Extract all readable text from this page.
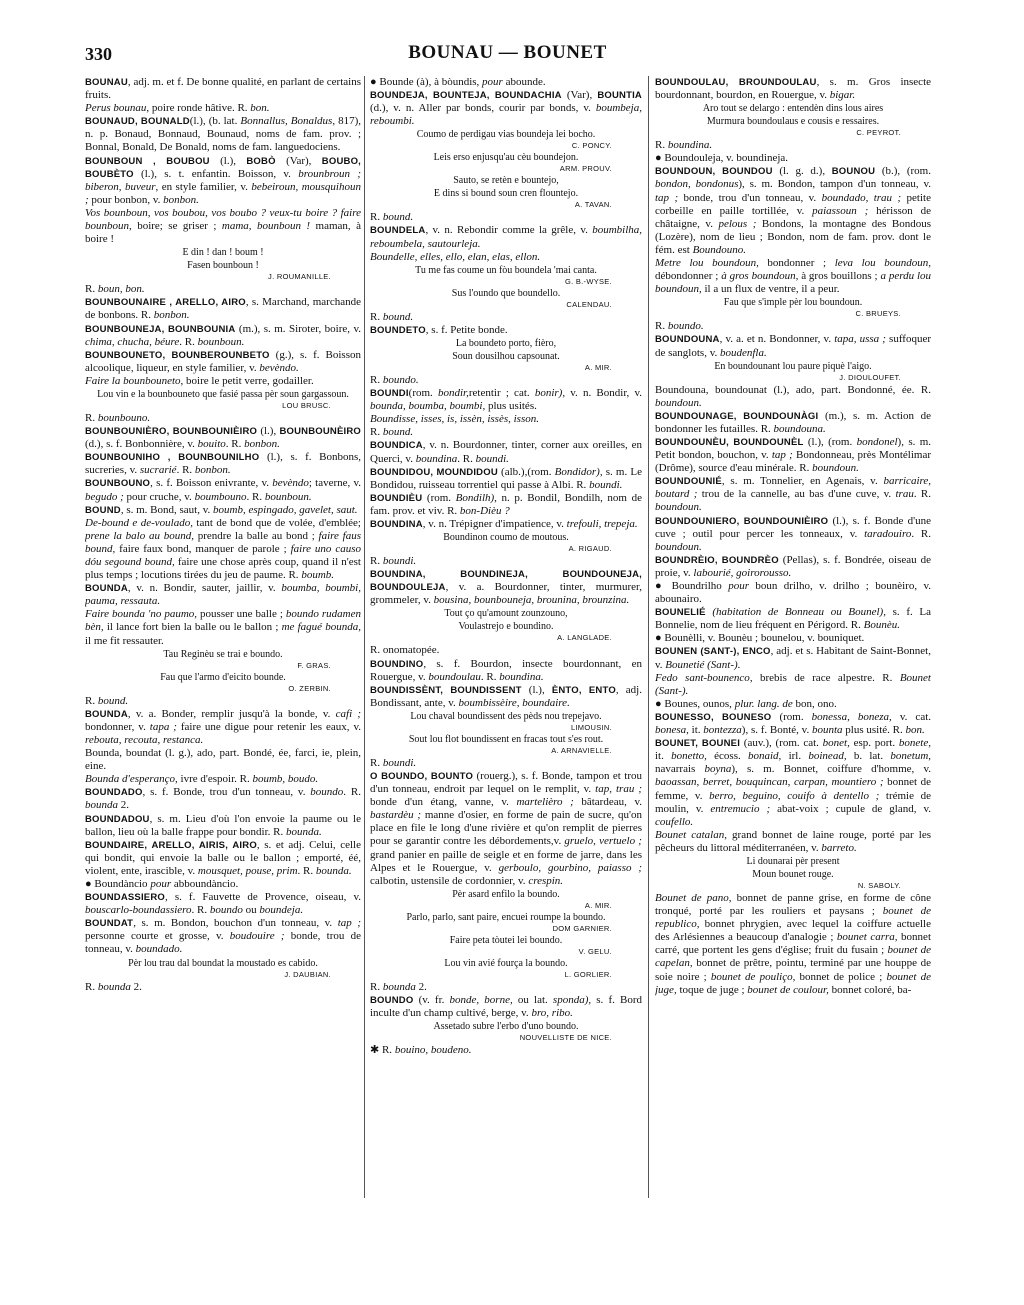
330	BOUNAU — BOUNET
BOUNAU, adj. m. et f. De bonne qualité, en parlant de certains fruits.
Perus bounau, poire ronde hâtive. R. bon.
BOUNAUD, BOUNALD(l.), (b. lat. Bonnallus, Bonaldus, 817), n. p. Bonaud, Bonnaud, Bounaud, noms de fam. prov. ; Bonnal, Bonald, De Bonald, noms de fam. languedociens.
BOUNBOUN , BOUBOU (l.), BOBÒ (Var), BOUBO, BOUBÈTO (l.), s. t. enfantin. Boisson, v. brounbroun ; biberon, buveur, en style familier, v. bebeiroun, mousquihoun ; pour bonbon, v. bonbon.
Vos bounboun, vos boubou, vos boubo ? veux-tu boire ? faire bounboun, boire; se griser ; mama, bounboun ! maman, à boire !
E din ! dan ! boum !
Fasen bounboun !
J. ROUMANILLE.
R. boun, bon.
BOUNBOUNAIRE , ARELLO, AIRO, s. Marchand, marchande de bonbons. R. bonbon.
BOUNBOUNEJA, BOUNBOUNIA (m.), s. m. Siroter, boire, v. chima, chucha, béure. R. bounboun.
BOUNBOUNETO, BOUNBEROUNBETO (g.), s. f. Boisson alcoolique, liqueur, en style familier, v. bevèndo.
Faire la bounbouneto, boire le petit verre, godailler.
Lou vin e la bounbouneto que fasié passa pèr soun gargassoun.
LOU BRUSC.
R. bounbouno.
BOUNBOUNIÈRO, BOUNBOUNIÈIRO (l.), BOUNBOUNÈIRO (d.), s. f. Bonbonnière, v. bouito. R. bonbon.
BOUNBOUNIHO , BOUNBOUNILHO (l.), s. f. Bonbons, sucreries, v. sucrarié. R. bonbon.
BOUNBOUNO, s. f. Boisson enivrante, v. bevèndo; taverne, v. begudo ; pour cruche, v. boumbouno. R. bounboun.
BOUND, s. m. Bond, saut, v. boumb, espingado, gavelet, saut.
De-bound e de-voulado, tant de bond que de volée, d'emblée; prene la balo au bound, prendre la balle au bond ; faire faus bound, faire faux bond, manquer de parole ; faire uno causo dóu segound bound, faire une chose après coup, quand il n'est plus temps ; locutions tirées du jeu de paume. R. boumb.
BOUNDA, v. n. Bondir, sauter, jaillir, v. boumba, boumbi, pauma, ressauta.
Faire bounda 'no paumo, pousser une balle ; boundo rudamen bèn, il lance fort bien la balle ou le ballon ; me fagué bounda, il me fit ressauter.
Tau Reginèu se trai e boundo.
F. GRAS.
Fau que l'armo d'eicito bounde.
O. ZERBIN.
R. bound.
BOUNDA, v. a. Bonder, remplir jusqu'à la bonde, v. cafi ; bondonner, v. tapa ; faire une digue pour retenir les eaux, v. rebouta, recouta, restanca.
Bounda, boundat (l. g.), ado, part. Bondé, ée, farci, ie, plein, eine.
Bounda d'esperanço, ivre d'espoir. R. boumb, boudo.
BOUNDADO, s. f. Bonde, trou d'un tonneau, v. boundo. R. bounda 2.
BOUNDADOU, s. m. Lieu d'où l'on envoie la paume ou le ballon, lieu où la balle frappe pour bondir. R. bounda.
BOUNDAIRE, ARELLO, AIRIS, AIRO, s. et adj. Celui, celle qui bondit, qui envoie la balle ou le ballon ; emporté, éé, violent, ente, irascible, v. mousquet, pouse, prim. R. bounda.
● Boundàncio pour abboundàncio.
BOUNDASSIERO, s. f. Fauvette de Provence, oiseau, v. bouscarlo-boundassiero. R. boundo ou boundeja.
BOUNDAT, s. m. Bondon, bouchon d'un tonneau, v. tap ; personne courte et grosse, v. boudouire ; bonde, trou de tonneau, v. boundado.
Pèr lou trau dal boundat la moustado es cabido.
J. DAUBIAN.
R. bounda 2.
● Bounde (à), à bòundis, pour abounde.
BOUNDEJA, BOUNTEJA, BOUNDACHIA (Var), BOUNTIA (d.), v. n. Aller par bonds, courir par bonds, v. boumbeja, reboumbi.
Coumo de perdigau vias boundeja lei bocho.
C. PONCY.
Leis erso enjusqu'au cèu boundejon.
ARM. PROUV.
Sauto, se retèn e bountejo,
E dins si bound soun cren flountejo.
A. TAVAN.
R. bound.
BOUNDELA, v. n. Rebondir comme la grêle, v. boumbilha, reboumbela, sautourleja.
Boundelle, elles, ello, elan, elas, ellon.
Tu me fas coume un fòu boundela 'mai canta.
G. B.-WYSE.
Sus l'oundo que boundello.
CALENDAU.
R. bound.
BOUNDETO, s. f. Petite bonde.
La boundeto porto, fièro,
Soun dousilhou capsounat.
A. MIR.
R. boundo.
BOUNDI(rom. bondir,retentir ; cat. bonir), v. n. Bondir, v. bounda, boumba, boumbi, plus usités.
Boundisse, isses, is, issèn, issès, isson.
R. bound.
BOUNDICA, v. n. Bourdonner, tinter, corner aux oreilles, en Querci, v. boundina. R. boundi.
BOUNDIDOU, MOUNDIDOU (alb.),(rom. Bondidor), s. m. Le Bondidou, ruisseau torrentiel qui passe à Albi. R. boundi.
BOUNDIÈU (rom. Bondilh), n. p. Bondil, Bondilh, nom de fam. prov. et viv. R. bon-Dièu ?
BOUNDINA, v. n. Trépigner d'impatience, v. trefouli, trepeja.
Boundinon coumo de moutous.
A. RIGAUD.
R. boundi.
BOUNDINA, BOUNDINEJA, BOUNDOUNEJA, BOUNDOULEJA, v. a. Bourdonner, tinter, murmurer, grommeler, v. bousina, bounbouneja, brounina, brounzina.
Tout ço qu'amount zounzouno,
Voulastrejo e boundino.
A. LANGLADE.
R. onomatopée.
BOUNDINO, s. f. Bourdon, insecte bourdonnant, en Rouergue, v. boundoulau. R. boundina.
BOUNDISSÈNT, BOUNDISSENT (l.), ÈNTO, ENTO, adj. Bondissant, ante, v. boumbissèire, boundaire.
Lou chaval boundissent des pèds nou trepejavo.
LIMOUSIN.
Sout lou flot boundissent en fracas tout s'es rout.
A. ARNAVIELLE.
R. boundi.
O BOUNDO, BOUNTO (rouerg.), s. f. Bonde, tampon et trou d'un tonneau, endroit par lequel on le remplit, v. tap, trau ; bonde d'un étang, vanne, v. martelièro ; bâtardeau, v. bastardèu ; manne d'osier, en forme de pain de sucre, qu'on place en file le long d'une rivière et qu'on remplit de pierres pour se garantir contre les débordements,v. gruelo, vertuelo ; grand panier en paille de seigle et en forme de jarre, dans les Alpes et le Rouergue, v. gerboulo, gourbino, paiasso ; calbotin, ustensile de cordonnier, v. crespin.
Pèr asard enfilo la boundo.
A. MIR.
Parlo, parlo, sant paire, encuei roumpe la boundo.
DOM GARNIER.
Faire peta tòutei lei boundo.
V. GELU.
Lou vin avié fourça la boundo.
L. GORLIER.
R. bounda 2.
BOUNDO (v. fr. bonde, borne, ou lat. sponda), s. f. Bord inculte d'un champ cultivé, berge, v. bro, ribo.
Assetado subre l'erbo d'uno boundo.
NOUVELLISTE DE NICE.
✱ R. bouino, boudeno.
BOUNDOULAU, BROUNDOULAU, s. m. Gros insecte bourdonnant, bourdon, en Rouergue, v. bigar.
Aro tout se delargo : entendèn dins lous aires
Murmura boundoulaus e cousis e ressaires.
C. PEYROT.
R. boundina.
● Boundouleja, v. boundineja.
BOUNDOUN, BOUNDOU (l. g. d.), BOUNOU (b.), (rom. bondon, bondonus), s. m. Bondon, tampon d'un tonneau, v. tap ; bonde, trou d'un tonneau, v. boundado, trau ; petite corbeille en paille tortillée, v. paiassoun ; hérisson de châtaigne, v. pelous ; Bondons, la montagne des Bondous (Lozère), nom de lieu ; Bondon, nom de fam. prov. dont le fém. est Boundouno.
Metre lou boundoun, bondonner ; leva lou boundoun, débondonner ; à gros boundoun, à gros bouillons ; a perdu lou boundoun, il a un flux de ventre, il a peur.
Fau que s'ìmple pèr lou boundoun.
C. BRUEYS.
R. boundo.
BOUNDOUNA, v. a. et n. Bondonner, v. tapa, ussa ; suffoquer de sanglots, v. boudenfla.
En boundounant lou paure piquè l'aigo.
J. DIOULOUFET.
Boundouna, boundounat (l.), ado, part. Bondonné, ée. R. boundoun.
BOUNDOUNAGE, BOUNDOUNÀGI (m.), s. m. Action de bondonner les futailles. R. boundouna.
BOUNDOUNÈU, BOUNDOUNÈL (l.), (rom. bondonel), s. m. Petit bondon, bouchon, v. tap ; Bondonneau, près Montélimar (Drôme), source d'eau minérale. R. boundoun.
BOUNDOUNIÉ, s. m. Tonnelier, en Agenais, v. barricaire, boutard ; trou de la cannelle, au bas d'une cuve, v. trau. R. boundoun.
BOUNDOUNIERO, BOUNDOUNIÈIRO (l.), s. f. Bonde d'une cuve ; outil pour percer les tonneaux, v. taradouiro. R. boundoun.
BOUNDRÈIO, BOUNDRÈO (Pellas), s. f. Bondrée, oiseau de proie, v. labourié, goirorousso.
● Boundrilho pour boun drilho, v. drilho ; bounèiro, v. abounairo.
BOUNELIÉ (habitation de Bonneau ou Bounel), s. f. La Bonnelie, nom de lieu fréquent en Périgord. R. Bounèu.
● Bounèlli, v. Bounèu ; bounelou, v. bouniquet.
BOUNEN (SANT-), ENCO, adj. et s. Habitant de Saint-Bonnet, v. Bounetié (Sant-).
Fedo sant-bounenco, brebis de race alpestre. R. Bounet (Sant-).
● Bounes, ounos, plur. lang. de bon, ono.
BOUNESSO, BOUNESO (rom. bonessa, boneza, v. cat. bonesa, it. bontezza), s. f. Bonté, v. bounta plus usité. R. bon.
BOUNET, BOUNEI (auv.), (rom. cat. bonet, esp. port. bonete, it. bonetto, écoss. bonaid, irl. boinead, b. lat. bonetum, navarrais boyna), s. m. Bonnet, coiffure d'homme, v. baoassan, berret, bouquincan, carpan, mountiero ; bonnet de femme, v. berro, beguino, couifo à dentello ; trémie de moulin, v. entremucio ; abat-voix ; cupule de gland, v. coufello.
Bounet catalan, grand bonnet de laine rouge, porté par les pêcheurs du littoral méditerranéen, v. barreto.
Li dounarai pèr present
Moun bounet rouge.
N. SABOLY.
Bounet de pano, bonnet de panne grise, en forme de cône tronqué, porté par les rouliers et paysans ; bounet de republico, bonnet phrygien, avec lequel la coiffure actuelle des Arlésiennes a beaucoup d'analogie ; bounet carra, bonnet carré, que portent les gens d'église; fruit du fusain ; bounet de capelan, bonnet de prêtre, pointu, terminé par une houppe de soie noire ; bounet de pouliço, bonnet de police ; bounet de juge, toque de juge ; bounet de coulour, bonnet coloré, ba-
